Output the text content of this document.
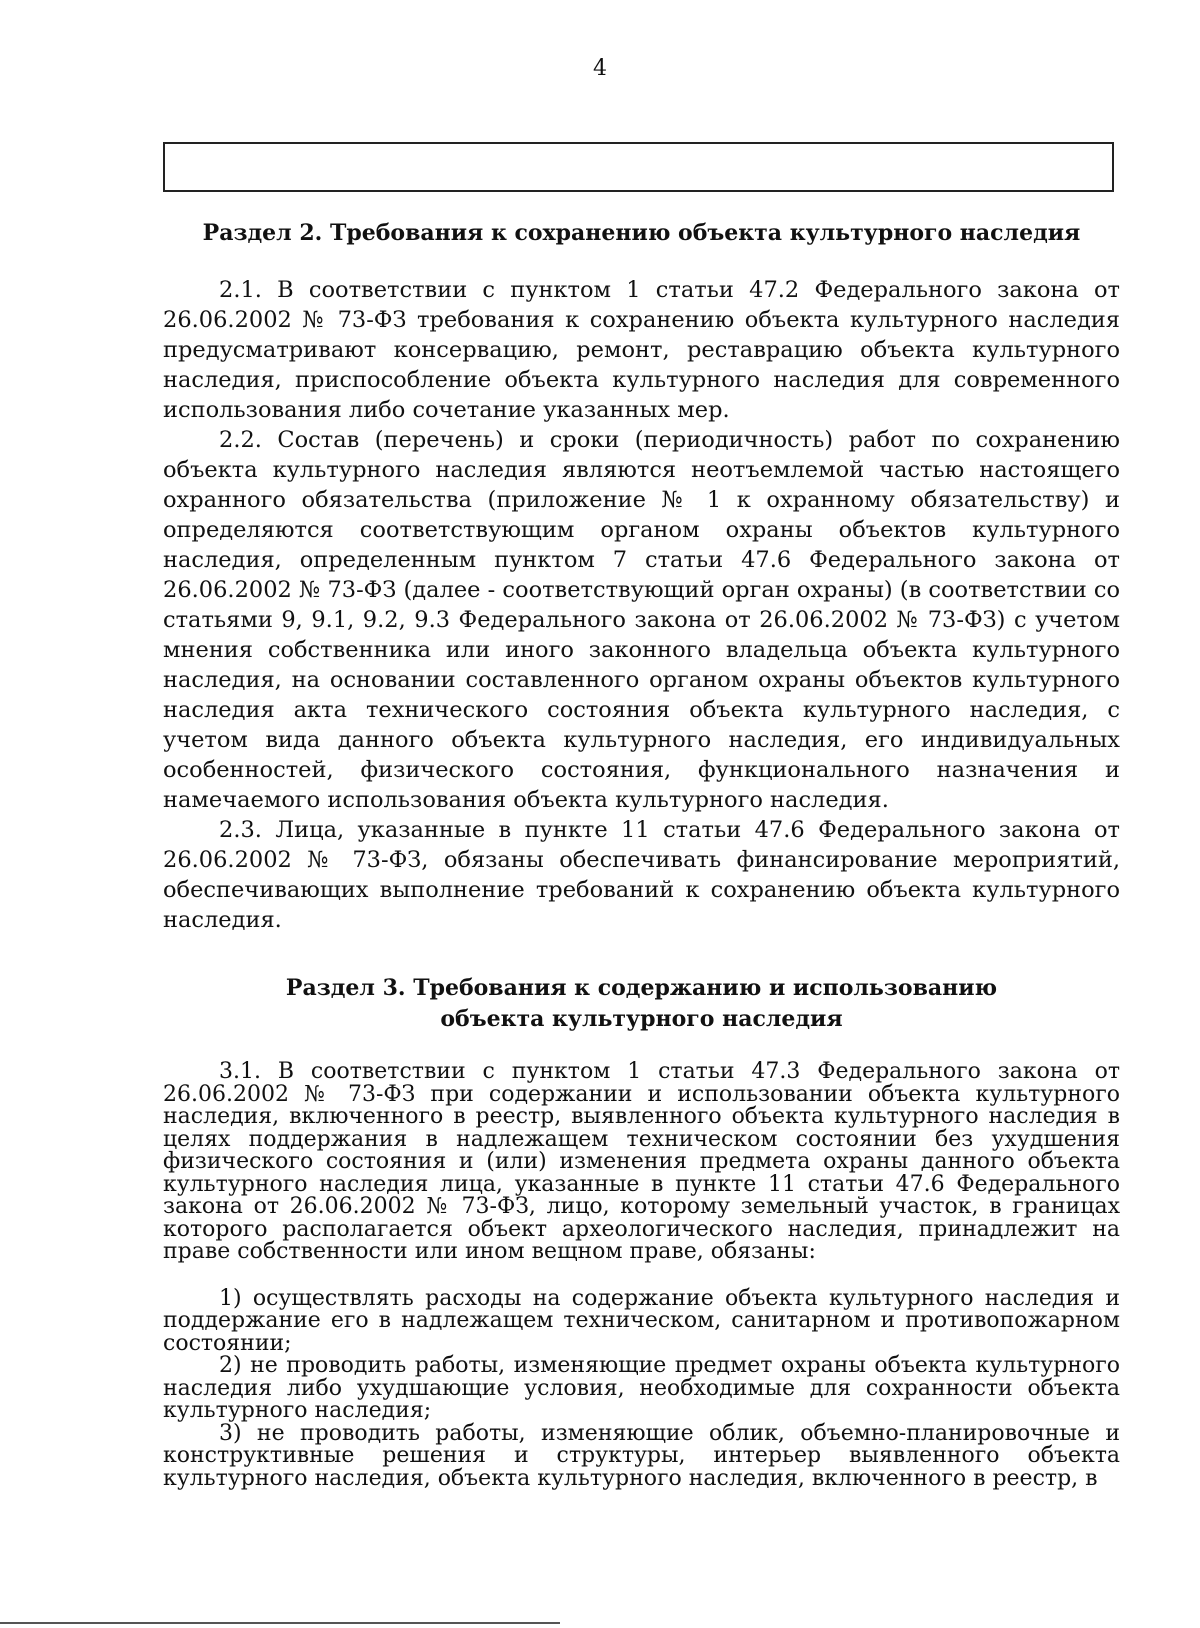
4
Раздел 2. Требования к сохранению объекта культурного наследия

2.1. В соответствии с пунктом 1 статьи 47.2 Федерального закона от 26.06.2002 № 73-ФЗ требования к сохранению объекта культурного наследия предусматривают консервацию, ремонт, реставрацию объекта культурного наследия, приспособление объекта культурного наследия для современного использования либо сочетание указанных мер.

2.2. Состав (перечень) и сроки (периодичность) работ по сохранению объекта культурного наследия являются неотъемлемой частью настоящего охранного обязательства (приложение № 1 к охранному обязательству) и определяются соответствующим органом охраны объектов культурного наследия, определенным пунктом 7 статьи 47.6 Федерального закона от 26.06.2002 № 73-ФЗ (далее - соответствующий орган охраны) (в соответствии со статьями 9, 9.1, 9.2, 9.3 Федерального закона от 26.06.2002 № 73-ФЗ) с учетом мнения собственника или иного законного владельца объекта культурного наследия, на основании составленного органом охраны объектов культурного наследия акта технического состояния объекта культурного наследия, с учетом вида данного объекта культурного наследия, его индивидуальных особенностей, физического состояния, функционального назначения и намечаемого использования объекта культурного наследия.

2.3. Лица, указанные в пункте 11 статьи 47.6 Федерального закона от 26.06.2002 № 73-ФЗ, обязаны обеспечивать финансирование мероприятий, обеспечивающих выполнение требований к сохранению объекта культурного наследия.

Раздел 3. Требования к содержанию и использованию
объекта культурного наследия

3.1. В соответствии с пунктом 1 статьи 47.3 Федерального закона от 26.06.2002 № 73-ФЗ при содержании и использовании объекта культурного наследия, включенного в реестр, выявленного объекта культурного наследия в целях поддержания в надлежащем техническом состоянии без ухудшения физического состояния и (или) изменения предмета охраны данного объекта культурного наследия лица, указанные в пункте 11 статьи 47.6 Федерального закона от 26.06.2002 № 73-ФЗ, лицо, которому земельный участок, в границах которого располагается объект археологического наследия, принадлежит на праве собственности или ином вещном праве, обязаны:

1) осуществлять расходы на содержание объекта культурного наследия и поддержание его в надлежащем техническом, санитарном и противопожарном состоянии;

2) не проводить работы, изменяющие предмет охраны объекта культурного наследия либо ухудшающие условия, необходимые для сохранности объекта культурного наследия;

3) не проводить работы, изменяющие облик, объемно-планировочные и конструктивные решения и структуры, интерьер выявленного объекта культурного наследия, объекта культурного наследия, включенного в реестр, в
